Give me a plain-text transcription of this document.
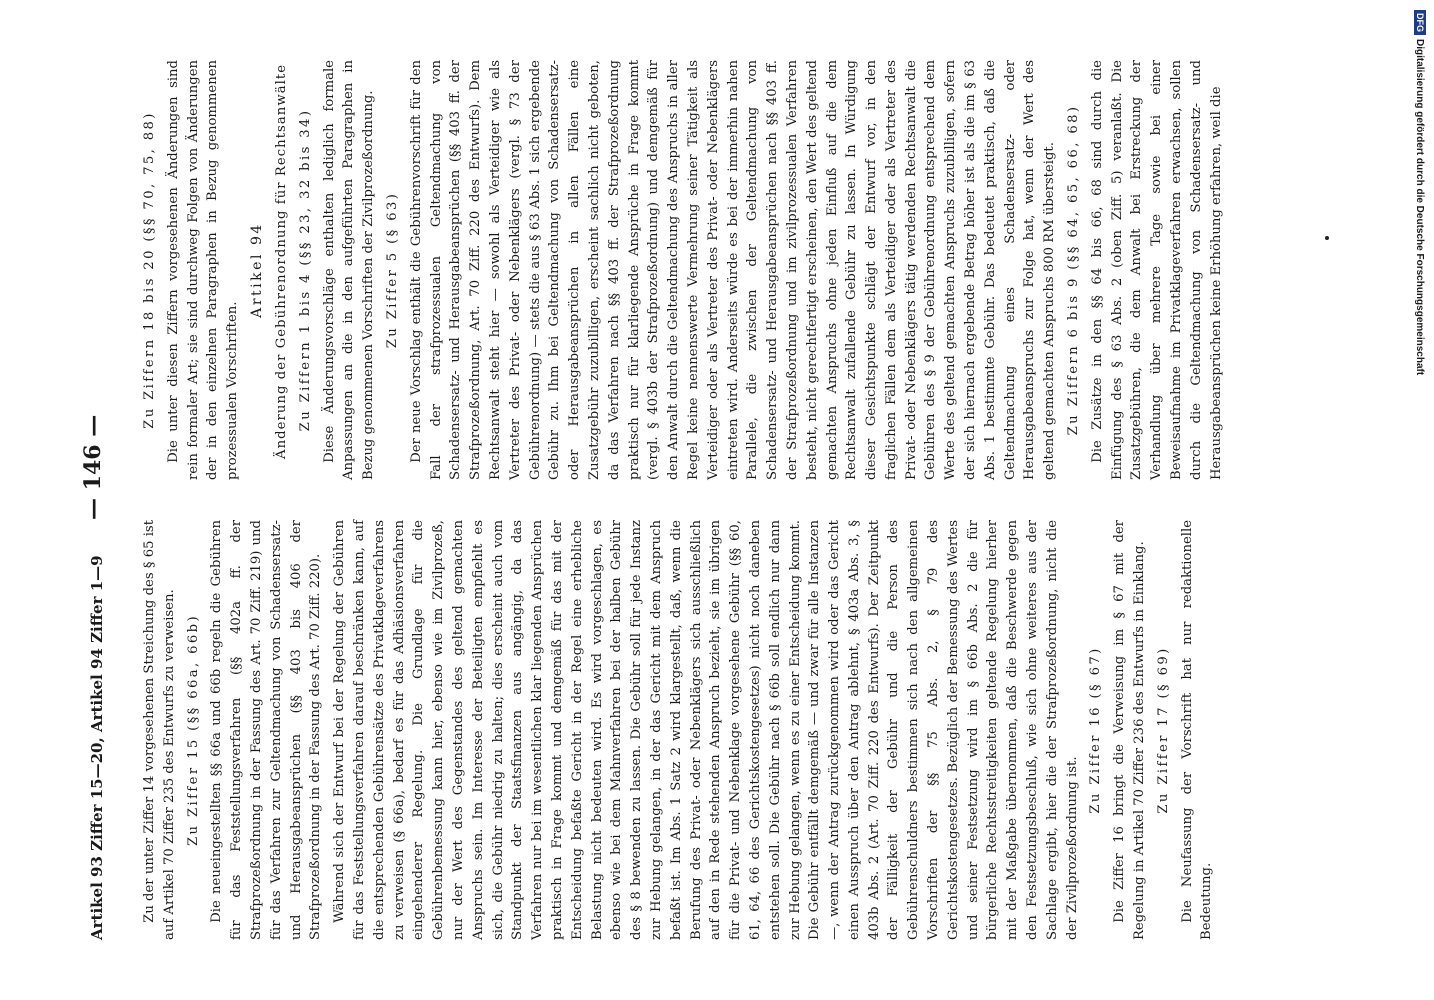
Artikel 93 Ziffer 15—20, Artikel 94 Ziffer 1—9
— 146 —

Zu der unter Ziffer 14 vorgesehenen Streichung des § 65 ist auf Artikel 70 Ziffer 235 des Entwurfs zu verweisen. Zu Ziffer 15 (§§ 66a, 66b) Die neueingestellten §§ 66a und 66b regeln die Gebühren für das Feststellungsverfahren (§§ 402a ff. der Strafprozeßordnung in der Fassung des Art. 70 Ziff. 219) und für das Verfahren zur Geltendmachung von Schadensersatz- und Herausgabeansprüchen (§§ 403 bis 406 der Strafprozeßordnung in der Fassung des Art. 70 Ziff. 220). Während sich der Entwurf bei der Regelung der Gebühren für das Feststellungsverfahren darauf beschränken kann, auf die entsprechenden Gebührensätze des Privatklageverfahrens zu verweisen (§ 66a), bedarf es für das Adhäsionsverfahren eingehenderer Regelung. Die Grundlage für die Gebührenbemessung kann hier, ebenso wie im Zivilprozeß, nur der Wert des Gegenstandes des geltend gemachten Anspruchs sein. Im Interesse der Beteiligten empfiehlt es sich, die Gebühr niedrig zu halten; dies erscheint auch vom Standpunkt der Staatsfinanzen aus angängig, da das Verfahren nur bei im wesentlichen klar liegenden Ansprüchen praktisch in Frage kommt und demgemäß für das mit der Entscheidung befaßte Gericht in der Regel eine erhebliche Belastung nicht bedeuten wird. Es wird vorgeschlagen, es ebenso wie bei dem Mahnverfahren bei der halben Gebühr des § 8 bewenden zu lassen. Die Gebühr soll für jede Instanz zur Hebung gelangen, in der das Gericht mit dem Anspruch befaßt ist. Im Abs. 1 Satz 2 wird klargestellt, daß, wenn die Berufung des Privat- oder Nebenklägers sich ausschließlich auf den in Rede stehenden Anspruch bezieht, sie im übrigen für die Privat- und Nebenklage vorgesehene Gebühr (§§ 60, 61, 64, 66 des Gerichtskostengesetzes) nicht noch daneben entstehen soll. Die Gebühr nach § 66b soll endlich nur dann zur Hebung gelangen, wenn es zu einer Entscheidung kommt. Die Gebühr entfällt demgemäß — und zwar für alle Instanzen —, wenn der Antrag zurückgenommen wird oder das Gericht einen Ausspruch über den Antrag ablehnt, § 403a Abs. 3, § 403b Abs. 2 (Art. 70 Ziff. 220 des Entwurfs). Der Zeitpunkt der Fälligkeit der Gebühr und die Person des Gebührenschuldners bestimmen sich nach den allgemeinen Vorschriften der §§ 75 Abs. 2, § 79 des Gerichtskostengesetzes. Bezüglich der Bemessung des Wertes und seiner Festsetzung wird im § 66b Abs. 2 die für bürgerliche Rechtsstreitigkeiten geltende Regelung hierher mit der Maßgabe übernommen, daß die Beschwerde gegen den Festsetzungsbeschluß, wie sich ohne weiteres aus der Sachlage ergibt, hier die der Strafprozeßordnung, nicht die der Zivilprozeßordnung ist.

Zu Ziffer 16 (§ 67) Die Ziffer 16 bringt die Verweisung im § 67 mit der Regelung in Artikel 70 Ziffer 236 des Entwurfs in Einklang. Zu Ziffer 17 (§ 69) Die Neufassung der Vorschrift hat nur redaktionelle Bedeutung.

Zu Ziffern 18 bis 20 (§§ 70, 75, 88) Die unter diesen Ziffern vorgesehenen Änderungen sind rein formaler Art; sie sind durchweg Folgen von Änderungen der in den einzelnen Paragraphen in Bezug genommenen prozessualen Vorschriften.

Artikel 94 Änderung der Gebührenordnung für Rechtsanwälte Zu Ziffern 1 bis 4 (§§ 23, 32 bis 34) Diese Änderungsvorschläge enthalten lediglich formale Anpassungen an die in den aufgeführten Paragraphen in Bezug genommenen Vorschriften der Zivilprozeßordnung. Zu Ziffer 5 (§ 63) Der neue Vorschlag enthält die Gebührenvorschrift für den Fall der strafprozessualen Geltendmachung von Schadensersatz- und Herausgabeansprüchen (§§ 403 ff. der Strafprozeßordnung, Art. 70 Ziff. 220 des Entwurfs). Dem Rechtsanwalt steht hier — sowohl als Verteidiger wie als Vertreter des Privat- oder Nebenklägers (vergl. § 73 der Gebührenordnung) — stets die aus § 63 Abs. 1 sich ergebende Gebühr zu. Ihm bei Geltendmachung von Schadensersatz- oder Herausgabeansprüchen in allen Fällen eine Zusatzgebühr zuzubilligen, erscheint sachlich nicht geboten, da das Verfahren nach §§ 403 ff. der Strafprozeßordnung praktisch nur für klarliegende Ansprüche in Frage kommt (vergl. § 403b der Strafprozeßordnung) und demgemäß für den Anwalt durch die Geltendmachung des Anspruchs in aller Regel keine nennenswerte Vermehrung seiner Tätigkeit als Verteidiger oder als Vertreter des Privat- oder Nebenklägers eintreten wird. Anderseits würde es bei der immerhin nahen Parallele, die zwischen der Geltendmachung von Schadensersatz- und Herausgabeansprüchen nach §§ 403 ff. der Strafprozeßordnung und im zivilprozessualen Verfahren besteht, nicht gerechtfertigt erscheinen, den Wert des geltend gemachten Anspruchs ohne jeden Einfluß auf die dem Rechtsanwalt zufallende Gebühr zu lassen. In Würdigung dieser Gesichtspunkte schlägt der Entwurf vor, in den fraglichen Fällen dem als Verteidiger oder als Vertreter des Privat- oder Nebenklägers tätig werdenden Rechtsanwalt die Gebühren des § 9 der Gebührenordnung entsprechend dem Werte des geltend gemachten Anspruchs zuzubilligen, sofern der sich hiernach ergebende Betrag höher ist als die im § 63 Abs. 1 bestimmte Gebühr. Das bedeutet praktisch, daß die Geltendmachung eines Schadensersatz- oder Herausgabeanspruchs zur Folge hat, wenn der Wert des geltend gemachten Anspruchs 800 RM übersteigt. Zu Ziffern 6 bis 9 (§§ 64, 65, 66, 68) Die Zusätze in den §§ 64 bis 66, 68 sind durch die Einfügung des § 63 Abs. 2 (oben Ziff. 5) veranlaßt. Die Zusatzgebühren, die dem Anwalt bei Erstreckung der Verhandlung über mehrere Tage sowie bei einer Beweisaufnahme im Privatklageverfahren erwachsen, sollen durch die Geltendmachung von Schadensersatz- und Herausgabeansprüchen keine Erhöhung erfahren, weil die

DFG
Digitalisierung gefördert durch die Deutsche Forschungsgemeinschaft
